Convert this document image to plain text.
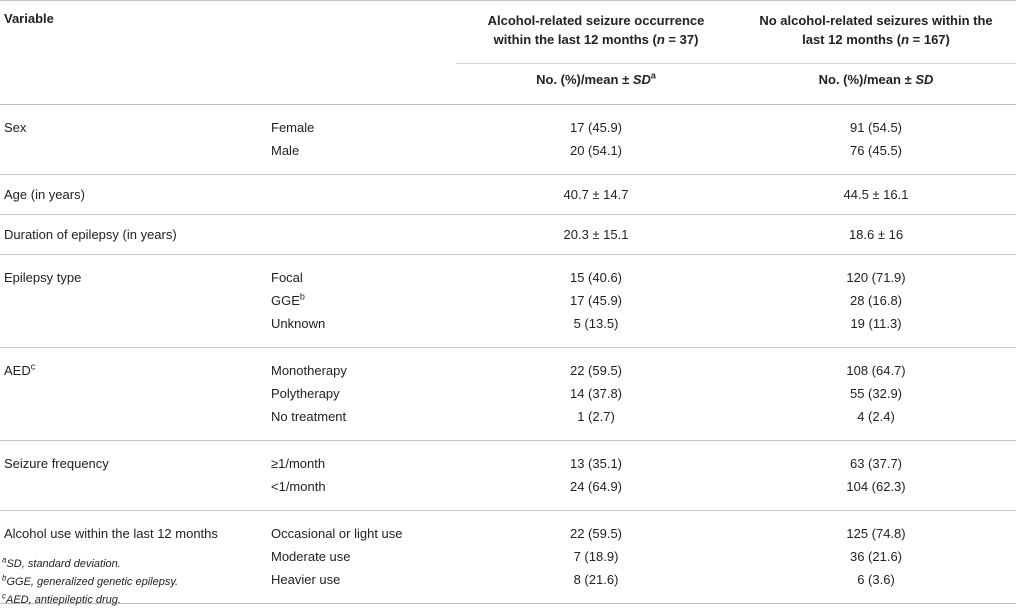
Variable		Alcohol-related seizure occurrence
within the last 12 months (n = 37)	No alcohol-related seizures within the
last 12 months (n = 167)
		No. (%)/mean ± $SD^a$	No. (%)/mean ± SD
Sex	Female	17 (45.9)	91 (54.5)
	Male	20 (54.1)	76 (45.5)
Age (in years)		40.7 ± 14.7	44.5 ± 16.1
Duration of epilepsy (in years)		20.3 ± 15.1	18.6 ± 16
Epilepsy type	Focal	15 (40.6)	120 (71.9)
	GGE$^b$	17 (45.9)	28 (16.8)
	Unknown	5 (13.5)	19 (11.3)
AED$^c$	Monotherapy	22 (59.5)	108 (64.7)
	Polytherapy	14 (37.8)	55 (32.9)
	No treatment	1 (2.7)	4 (2.4)
Seizure frequency	≥1/month	13 (35.1)	63 (37.7)
	<1/month	24 (64.9)	104 (62.3)
Alcohol use within the last 12 months	Occasional or light use	22 (59.5)	125 (74.8)
	Moderate use	7 (18.9)	36 (21.6)
	Heavier use	8 (21.6)	6 (3.6)
$^a$SD, standard deviation.
$^b$GGE, generalized genetic epilepsy.
$^c$AED, antiepileptic drug.
